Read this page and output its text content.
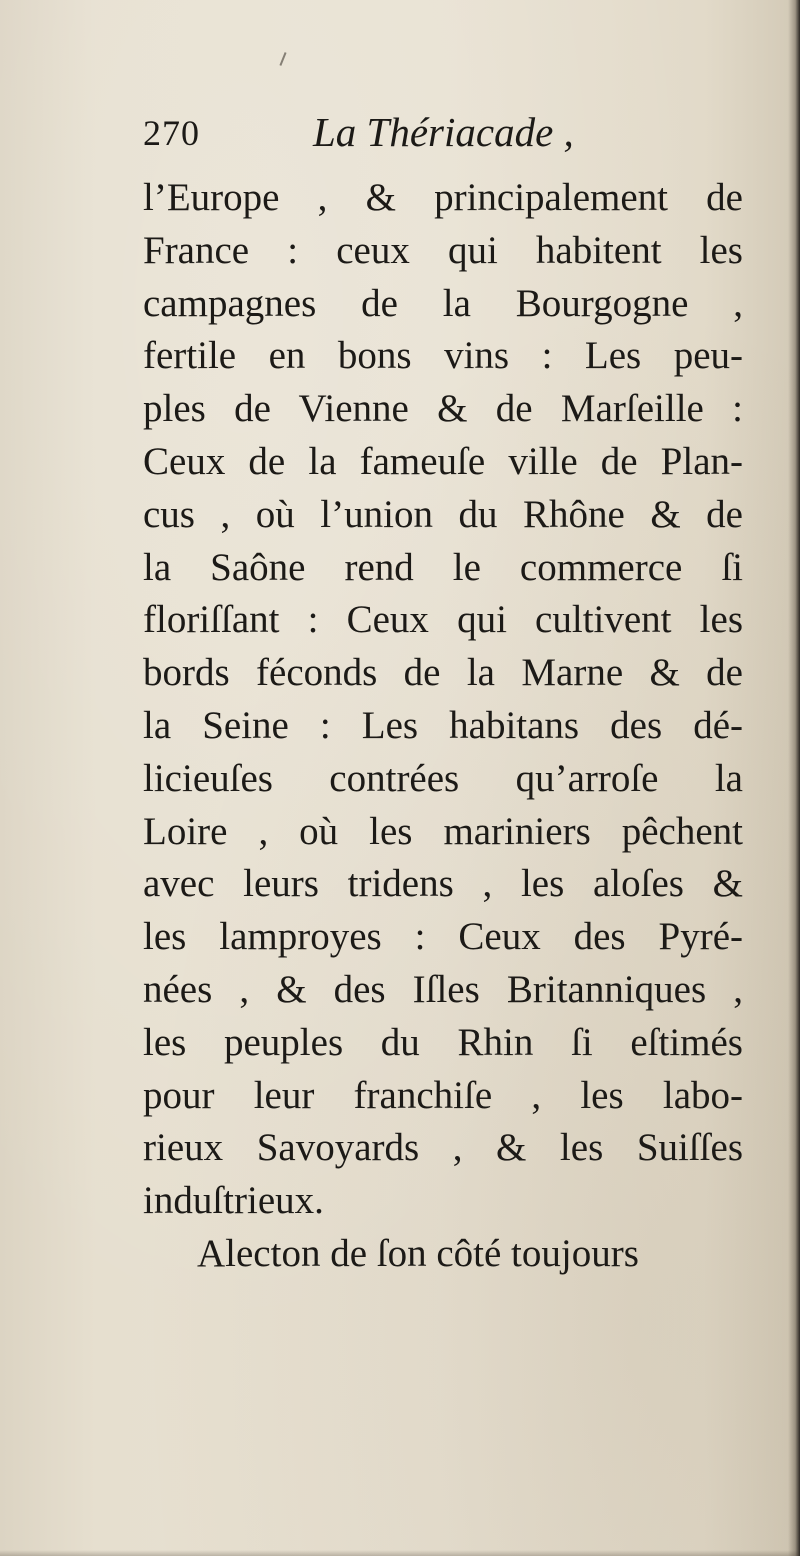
270	La Thériacade ,
l’Europe , & principalement de
France : ceux qui habitent les
campagnes de la Bourgogne ,
fertile en bons vins : Les peu-
ples de Vienne & de Marſeille :
Ceux de la fameuſe ville de Plan-
cus , où l’union du Rhône & de
la Saône rend le commerce ſi
floriſſant : Ceux qui cultivent les
bords féconds de la Marne & de
la Seine : Les habitans des dé-
licieuſes contrées qu’arroſe la
Loire , où les mariniers pêchent
avec leurs tridens , les aloſes &
les lamproyes : Ceux des Pyré-
nées , & des Iſles Britanniques ,
les peuples du Rhin ſi eſtimés
pour leur franchiſe , les labo-
rieux Savoyards , & les Suiſſes
induſtrieux.
Alecton de ſon côté toujours
